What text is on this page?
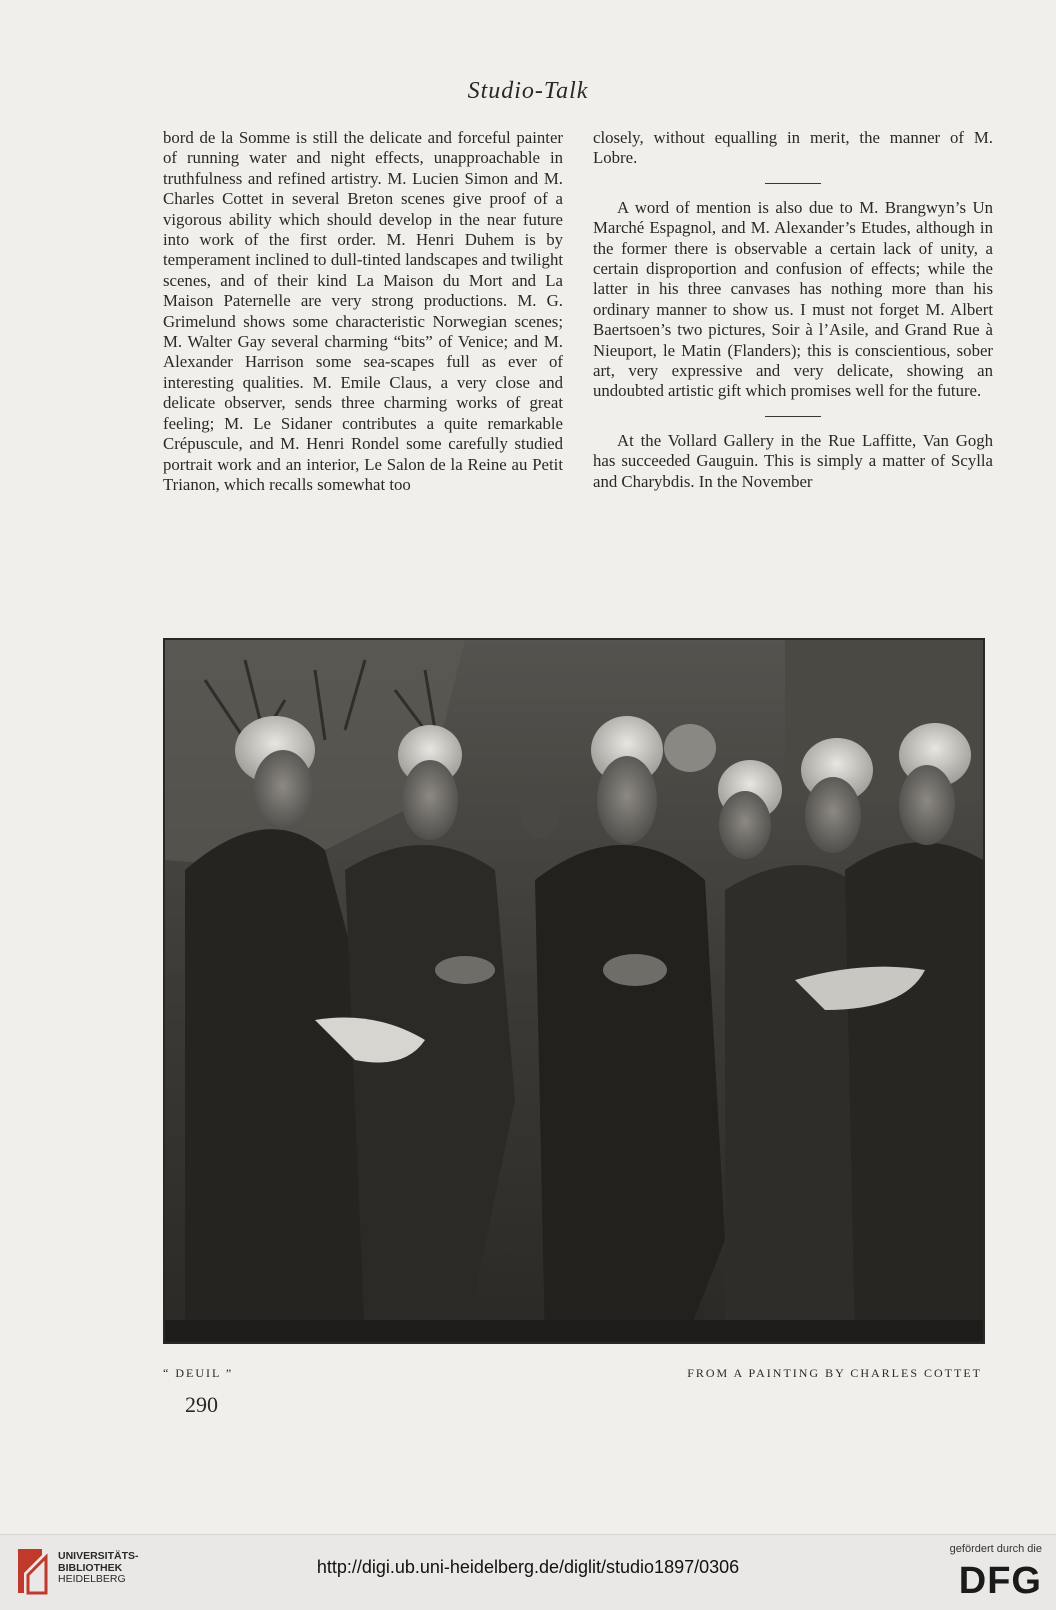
Studio-Talk

bord de la Somme is still the delicate and forceful painter of running water and night effects, unapproachable in truthfulness and refined artistry. M. Lucien Simon and M. Charles Cottet in several Breton scenes give proof of a vigorous ability which should develop in the near future into work of the first order. M. Henri Duhem is by temperament inclined to dull-tinted landscapes and twilight scenes, and of their kind La Maison du Mort and La Maison Paternelle are very strong productions. M. G. Grimelund shows some characteristic Norwegian scenes; M. Walter Gay several charming “bits” of Venice; and M. Alexander Harrison some sea-scapes full as ever of interesting qualities. M. Emile Claus, a very close and delicate observer, sends three charming works of great feeling; M. Le Sidaner contributes a quite remarkable Crépuscule, and M. Henri Rondel some carefully studied portrait work and an interior, Le Salon de la Reine au Petit Trianon, which recalls somewhat too

closely, without equalling in merit, the manner of M. Lobre.

A word of mention is also due to M. Brangwyn’s Un Marché Espagnol, and M. Alexander’s Etudes, although in the former there is observable a certain lack of unity, a certain disproportion and confusion of effects; while the latter in his three canvases has nothing more than his ordinary manner to show us. I must not forget M. Albert Baertsoen’s two pictures, Soir à l’Asile, and Grand Rue à Nieuport, le Matin (Flanders); this is conscientious, sober art, very expressive and very delicate, showing an undoubted artistic gift which promises well for the future.

At the Vollard Gallery in the Rue Laffitte, Van Gogh has succeeded Gauguin. This is simply a matter of Scylla and Charybdis. In the November

“ DEUIL ”	FROM A PAINTING BY CHARLES COTTET
290
UNIVERSITÄTS-
BIBLIOTHEK
HEIDELBERG
http://digi.ub.uni-heidelberg.de/diglit/studio1897/0306
gefördert durch die
DFG
